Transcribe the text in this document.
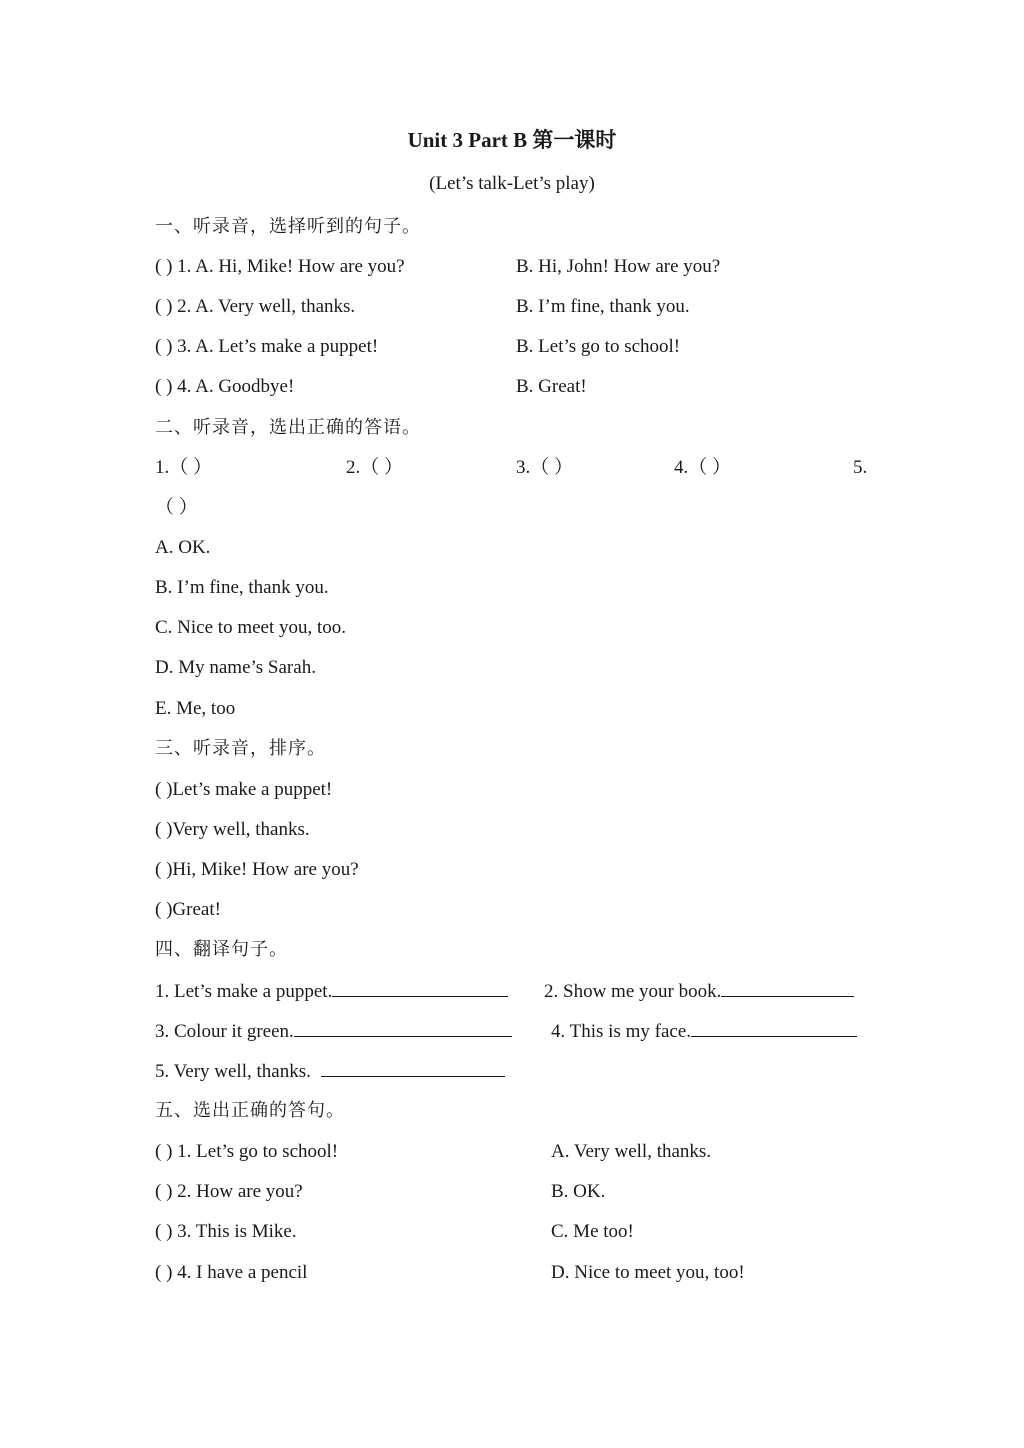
Unit 3 Part B 第一课时
(Let’s talk-Let’s play)
一、听录音，选择听到的句子。
( ) 1. A. Hi, Mike! How are you?	B. Hi, John! How are you?
( ) 2. A. Very well, thanks.	B. I’m fine, thank you.
( ) 3. A. Let’s make a puppet!	B. Let’s go to school!
( ) 4. A. Goodbye!	B. Great!
二、听录音，选出正确的答语。
1.（ ）	2.（ ）	3.（ ）	4.（ ）	5.
（ ）
A. OK.
B. I’m fine, thank you.
C. Nice to meet you, too.
D. My name’s Sarah.
E. Me, too
三、听录音，排序。
( )Let’s make a puppet!
( )Very well, thanks.
( )Hi, Mike! How are you?
( )Great!
四、翻译句子。
1. Let’s make a puppet.	2. Show me your book.
3. Colour it green.	4. This is my face.
5. Very well, thanks.
五、选出正确的答句。
( ) 1. Let’s go to school!	A. Very well, thanks.
( ) 2. How are you?	B. OK.
( ) 3. This is Mike.	C. Me too!
( ) 4. I have a pencil	D. Nice to meet you, too!
